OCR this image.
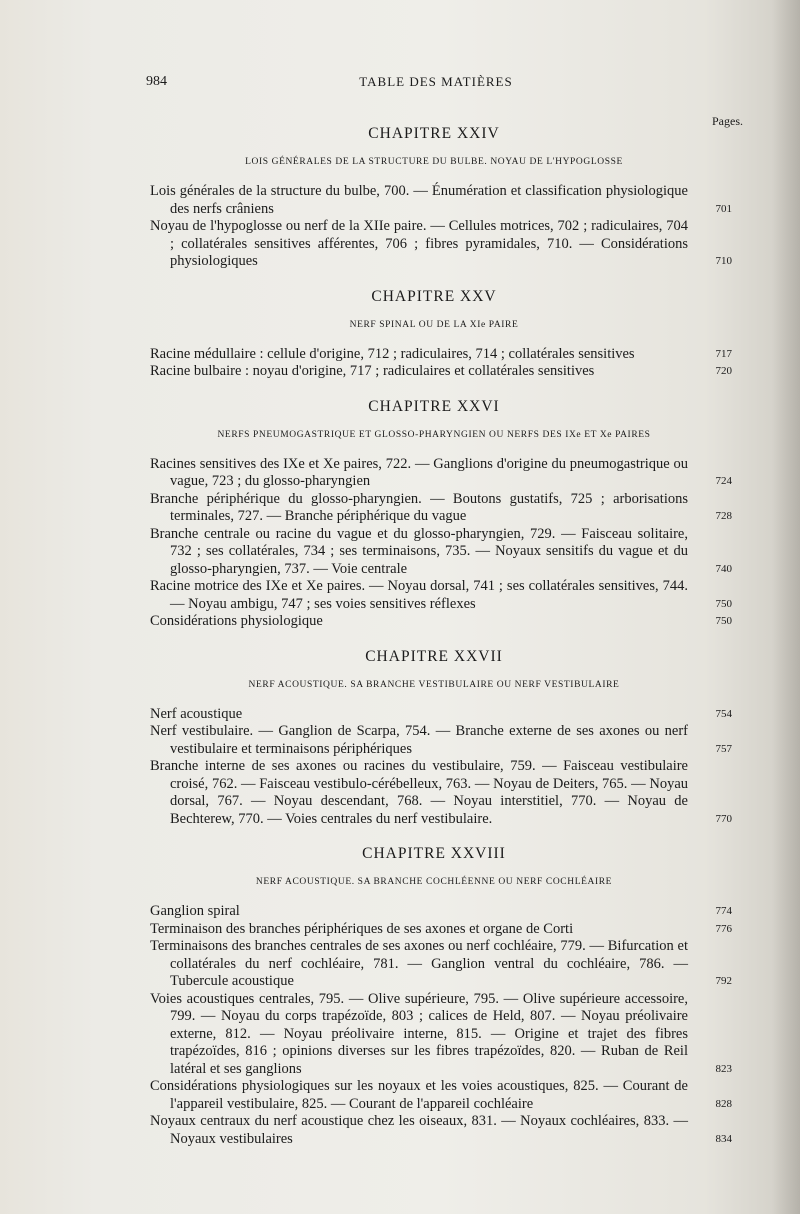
984	TABLE DES MATIÈRES
Pages.
CHAPITRE XXIV
LOIS GÉNÉRALES DE LA STRUCTURE DU BULBE. NOYAU DE L'HYPOGLOSSE
Lois générales de la structure du bulbe, 700. — Énumération et classification physiologique des nerfs crâniens	701
Noyau de l'hypoglosse ou nerf de la XIIe paire. — Cellules motrices, 702 ; radiculaires, 704 ; collatérales sensitives afférentes, 706 ; fibres pyramidales, 710. — Considérations physiologiques	710
CHAPITRE XXV
NERF SPINAL OU DE LA XIe PAIRE
Racine médullaire : cellule d'origine, 712 ; radiculaires, 714 ; collatérales sensitives	717
Racine bulbaire : noyau d'origine, 717 ; radiculaires et collatérales sensitives	720
CHAPITRE XXVI
NERFS PNEUMOGASTRIQUE ET GLOSSO-PHARYNGIEN OU NERFS DES IXe ET Xe PAIRES
Racines sensitives des IXe et Xe paires, 722. — Ganglions d'origine du pneumogastrique ou vague, 723 ; du glosso-pharyngien	724
Branche périphérique du glosso-pharyngien. — Boutons gustatifs, 725 ; arborisations terminales, 727. — Branche périphérique du vague	728
Branche centrale ou racine du vague et du glosso-pharyngien, 729. — Faisceau solitaire, 732 ; ses collatérales, 734 ; ses terminaisons, 735. — Noyaux sensitifs du vague et du glosso-pharyngien, 737. — Voie centrale	740
Racine motrice des IXe et Xe paires. — Noyau dorsal, 741 ; ses collatérales sensitives, 744. — Noyau ambigu, 747 ; ses voies sensitives réflexes	750
Considérations physiologique	750
CHAPITRE XXVII
NERF ACOUSTIQUE. SA BRANCHE VESTIBULAIRE OU NERF VESTIBULAIRE
Nerf acoustique	754
Nerf vestibulaire. — Ganglion de Scarpa, 754. — Branche externe de ses axones ou nerf vestibulaire et terminaisons périphériques	757
Branche interne de ses axones ou racines du vestibulaire, 759. — Faisceau vestibulaire croisé, 762. — Faisceau vestibulo-cérébelleux, 763. — Noyau de Deiters, 765. — Noyau dorsal, 767. — Noyau descendant, 768. — Noyau interstitiel, 770. — Noyau de Bechterew, 770. — Voies centrales du nerf vestibulaire.	770
CHAPITRE XXVIII
NERF ACOUSTIQUE. SA BRANCHE COCHLÉENNE OU NERF COCHLÉAIRE
Ganglion spiral	774
Terminaison des branches périphériques de ses axones et organe de Corti	776
Terminaisons des branches centrales de ses axones ou nerf cochléaire, 779. — Bifurcation et collatérales du nerf cochléaire, 781. — Ganglion ventral du cochléaire, 786. — Tubercule acoustique	792
Voies acoustiques centrales, 795. — Olive supérieure, 795. — Olive supérieure accessoire, 799. — Noyau du corps trapézoïde, 803 ; calices de Held, 807. — Noyau préolivaire externe, 812. — Noyau préolivaire interne, 815. — Origine et trajet des fibres trapézoïdes, 816 ; opinions diverses sur les fibres trapézoïdes, 820. — Ruban de Reil latéral et ses ganglions	823
Considérations physiologiques sur les noyaux et les voies acoustiques, 825. — Courant de l'appareil vestibulaire, 825. — Courant de l'appareil cochléaire	828
Noyaux centraux du nerf acoustique chez les oiseaux, 831. — Noyaux cochléaires, 833. — Noyaux vestibulaires	834
